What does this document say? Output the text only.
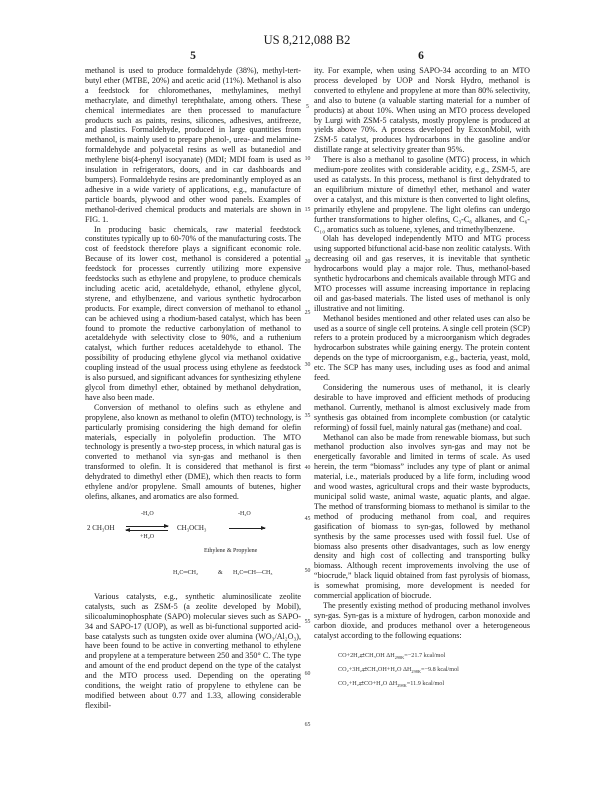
US 8,212,088 B2
5	6

methanol is used to produce formaldehyde (38%), methyl-tert-butyl ether (MTBE, 20%) and acetic acid (11%). Methanol is also a feedstock for chloromethanes, methylamines, methyl methacrylate, and dimethyl terephthalate, among others. These chemical intermediates are then processed to manufacture products such as paints, resins, silicones, adhesives, antifreeze, and plastics. Formaldehyde, produced in large quantities from methanol, is mainly used to prepare phenol-, urea- and melamine-formaldehyde and polyacetal resins as well as butanediol and methylene bis(4-phenyl isocyanate) (MDI; MDI foam is used as insulation in refrigerators, doors, and in car dashboards and bumpers). Formaldehyde resins are predominantly employed as an adhesive in a wide variety of applications, e.g., manufacture of particle boards, plywood and other wood panels. Examples of methanol-derived chemical products and materials are shown in FIG. 1.

In producing basic chemicals, raw material feedstock constitutes typically up to 60-70% of the manufacturing costs. The cost of feedstock therefore plays a significant economic role. Because of its lower cost, methanol is considered a potential feedstock for processes currently utilizing more expensive feedstocks such as ethylene and propylene, to produce chemicals including acetic acid, acetaldehyde, ethanol, ethylene glycol, styrene, and ethylbenzene, and various synthetic hydrocarbon products. For example, direct conversion of methanol to ethanol can be achieved using a rhodium-based catalyst, which has been found to promote the reductive carbonylation of methanol to acetaldehyde with selectivity close to 90%, and a ruthenium catalyst, which further reduces acetaldehyde to ethanol. The possibility of producing ethylene glycol via methanol oxidative coupling instead of the usual process using ethylene as feedstock is also pursued, and significant advances for synthesizing ethylene glycol from dimethyl ether, obtained by methanol dehydration, have also been made.

Conversion of methanol to olefins such as ethylene and propylene, also known as methanol to olefin (MTO) technology, is particularly promising considering the high demand for olefin materials, especially in polyolefin production. The MTO technology is presently a two-step process, in which natural gas is converted to methanol via syn-gas and methanol is then transformed to olefin. It is considered that methanol is first dehydrated to dimethyl ether (DME), which then reacts to form ethylene and/or propylene. Small amounts of butenes, higher olefins, alkanes, and aromatics are also formed.

2 CH₃OH
-H₂O
+H₂O
CH₃OCH₃
-H₂O
Ethylene & Propylene
H₂C═CH₂	& H₂C═CH—CH₃

Various catalysts, e.g., synthetic aluminosilicate zeolite catalysts, such as ZSM-5 (a zeolite developed by Mobil), silicoaluminophosphate (SAPO) molecular sieves such as SAPO-34 and SAPO-17 (UOP), as well as bi-functional supported acid-base catalysts such as tungsten oxide over alumina (WO₃/Al₂O₃), have been found to be active in converting methanol to ethylene and propylene at a temperature between 250 and 350° C. The type and amount of the end product depend on the type of the catalyst and the MTO process used. Depending on the operating conditions, the weight ratio of propylene to ethylene can be modified between about 0.77 and 1.33, allowing considerable flexibil-

ity. For example, when using SAPO-34 according to an MTO process developed by UOP and Norsk Hydro, methanol is converted to ethylene and propylene at more than 80% selectivity, and also to butene (a valuable starting material for a number of products) at about 10%. When using an MTO process developed by Lurgi with ZSM-5 catalysts, mostly propylene is produced at yields above 70%. A process developed by ExxonMobil, with ZSM-5 catalyst, produces hydrocarbons in the gasoline and/or distillate range at selectivity greater than 95%.

There is also a methanol to gasoline (MTG) process, in which medium-pore zeolites with considerable acidity, e.g., ZSM-5, are used as catalysts. In this process, methanol is first dehydrated to an equilibrium mixture of dimethyl ether, methanol and water over a catalyst, and this mixture is then converted to light olefins, primarily ethylene and propylene. The light olefins can undergo further transformations to higher olefins, C₃-C₆ alkanes, and C₆-C₁₀ aromatics such as toluene, xylenes, and trimethylbenzene.

Olah has developed independently MTO and MTG process using supported bifunctional acid-base non zeolitic catalysts. With decreasing oil and gas reserves, it is inevitable that synthetic hydrocarbons would play a major role. Thus, methanol-based synthetic hydrocarbons and chemicals available through MTG and MTO processes will assume increasing importance in replacing oil and gas-based materials. The listed uses of methanol is only illustrative and not limiting.

Methanol besides mentioned and other related uses can also be used as a source of single cell proteins. A single cell protein (SCP) refers to a protein produced by a microorganism which degrades hydrocarbon substrates while gaining energy. The protein content depends on the type of microorganism, e.g., bacteria, yeast, mold, etc. The SCP has many uses, including uses as food and animal feed.

Considering the numerous uses of methanol, it is clearly desirable to have improved and efficient methods of producing methanol. Currently, methanol is almost exclusively made from synthesis gas obtained from incomplete combustion (or catalytic reforming) of fossil fuel, mainly natural gas (methane) and coal.

Methanol can also be made from renewable biomass, but such methanol production also involves syn-gas and may not be energetically favorable and limited in terms of scale. As used herein, the term “biomass” includes any type of plant or animal material, i.e., materials produced by a life form, including wood and wood wastes, agricultural crops and their waste byproducts, municipal solid waste, animal waste, aquatic plants, and algae. The method of transforming biomass to methanol is similar to the method of producing methanol from coal, and requires gasification of biomass to syn-gas, followed by methanol synthesis by the same processes used with fossil fuel. Use of biomass also presents other disadvantages, such as low energy density and high cost of collecting and transporting bulky biomass. Although recent improvements involving the use of “biocrude,” black liquid obtained from fast pyrolysis of biomass, is somewhat promising, more development is needed for commercial application of biocrude.

The presently existing method of producing methanol involves syn-gas. Syn-gas is a mixture of hydrogen, carbon monoxide and carbon dioxide, and produces methanol over a heterogeneous catalyst according to the following equations:

CO+2H₂⇄CH₃OH $\Delta H_{298K}=-21.7$ kcal/mol
CO₂+3H₂⇄CH₃OH+H₂O $\Delta H_{298K}=-9.8$ kcal/mol
CO₂+H₂⇄CO+H₂O $\Delta H_{298K}=11.9$ kcal/mol
5
10
15
20
25
30
35
40
45
50
55
60
65
